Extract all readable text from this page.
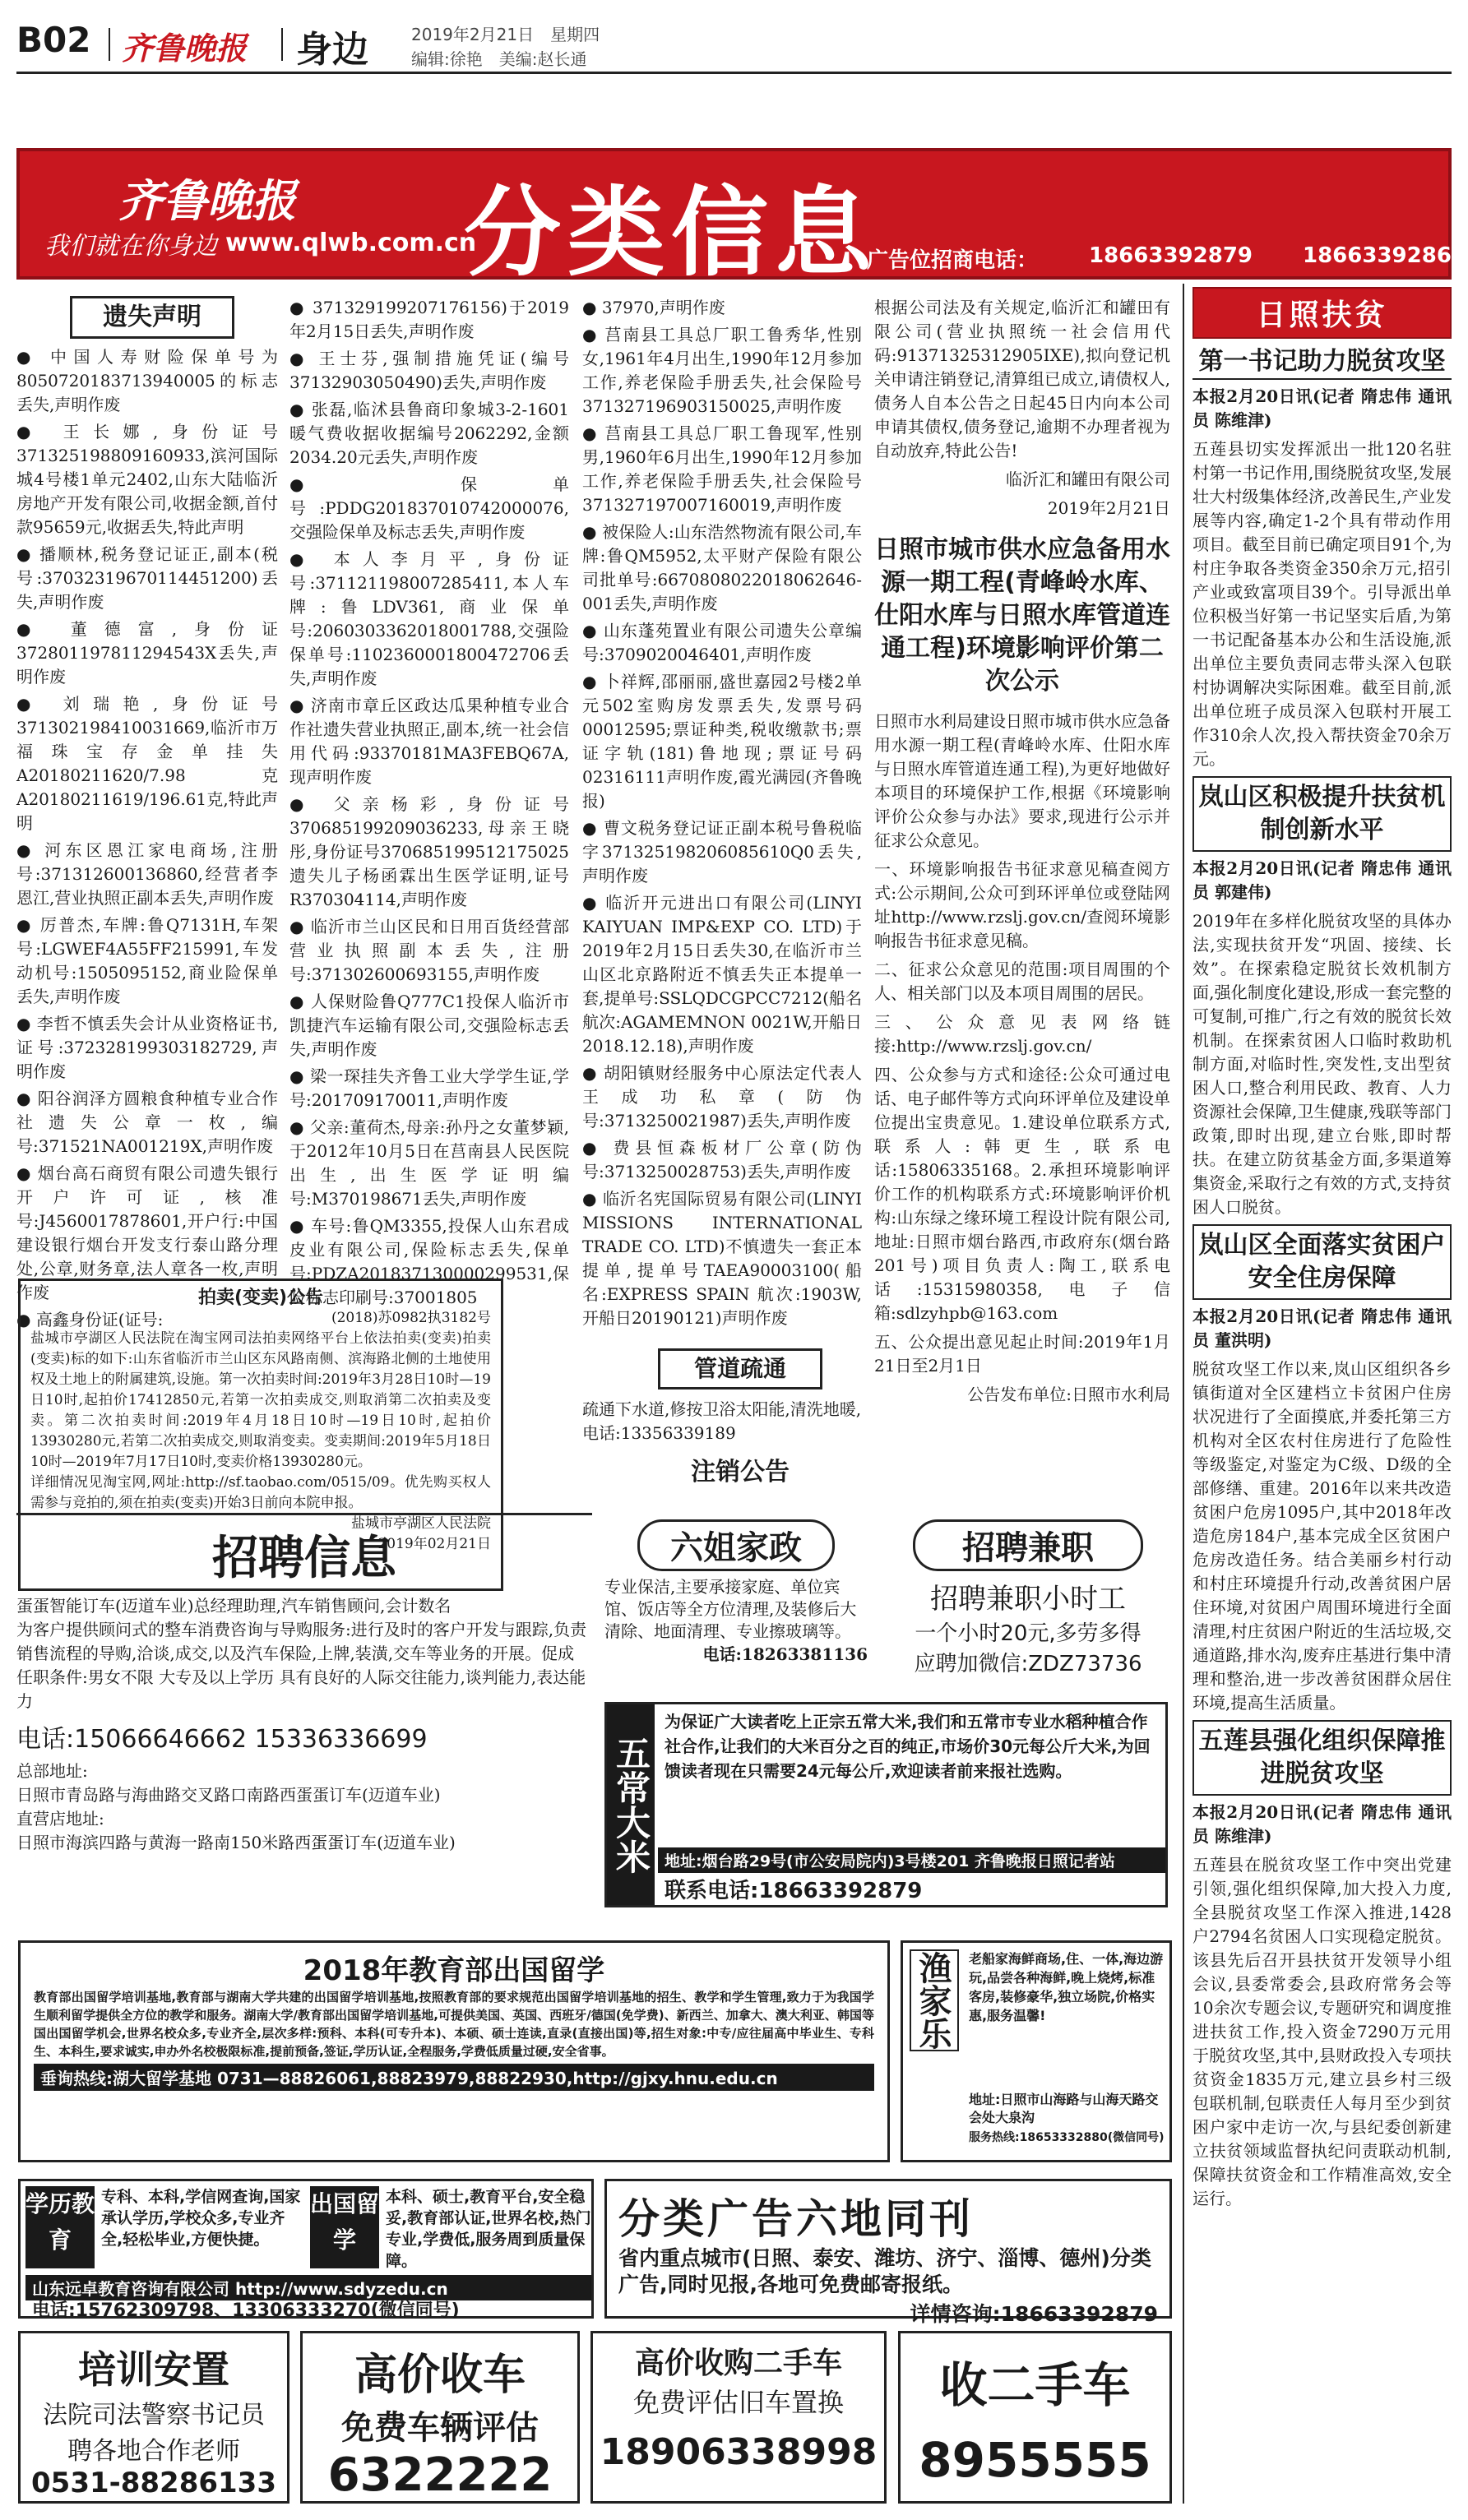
B02 齐鲁晚报 身边	2019年2月21日　星期四
编辑:徐艳　美编:赵长通
齐鲁晚报
我们就在你身边 www.qlwb.com.cn
分类信息
广告位招商电话： 18663392879 18663392869
遗失声明
● 中国人寿财险保单号为8050720183713940005的标志丢失,声明作废
● 王长娜,身份证号371325198809160933,滨河国际城4号楼1单元2402,山东大陆临沂房地产开发有限公司,收据金额,首付款95659元,收据丢失,特此声明
● 播顺林,税务登记证正,副本(税号:37032319670114451200)丢失,声明作废
● 董德富,身份证372801197811294543X丢失,声明作废
● 刘瑞艳,身份证号371302198410031669,临沂市万福珠宝存金单挂失A20180211620/7.98克 A20180211619/196.61克,特此声明
● 河东区恩江家电商场,注册号:371312600136860,经营者李恩江,营业执照正副本丢失,声明作废
● 厉普杰,车牌:鲁Q7131H,车架号:LGWEF4A55FF215991,车发动机号:1505095152,商业险保单丢失,声明作废
● 李哲不慎丢失会计从业资格证书,证号:372328199303182729,声明作废
● 阳谷润泽方圆粮食种植专业合作社遗失公章一枚,编号:371521NA001219X,声明作废
● 烟台高石商贸有限公司遗失银行开户许可证,核准号:J4560017878601,开户行:中国建设银行烟台开发支行泰山路分理处,公章,财务章,法人章各一枚,声明作废
● 高鑫身份证(证号:
● 371329199207176156)于2019年2月15日丢失,声明作废
● 王士芬,强制措施凭证(编号37132903050490)丢失,声明作废
● 张磊,临沭县鲁商印象城3-2-1601暖气费收据收据编号2062292,金额2034.20元丢失,声明作废
● 保单号:PDDG201837010742000076,交强险保单及标志丢失,声明作废
● 本人李月平,身份证号:371121198007285411,本人车牌:鲁LDV361,商业保单号:2060303362018001788,交强险保单号:1102360001800472706丢失,声明作废
● 济南市章丘区政达瓜果种植专业合作社遗失营业执照正,副本,统一社会信用代码:93370181MA3FEBQ67A,现声明作废
● 父亲杨彩,身份证号370685199209036233,母亲王晓彤,身份证号370685199512175025遗失儿子杨函霖出生医学证明,证号R370304114,声明作废
● 临沂市兰山区民和日用百货经营部营业执照副本丢失,注册号:371302600693155,声明作废
● 人保财险鲁Q777C1投保人临沂市凯捷汽车运输有限公司,交强险标志丢失,声明作废
● 梁一琛挂失齐鲁工业大学学生证,学号:201709170011,声明作废
● 父亲:董荷杰,母亲:孙丹之女董梦颖,于2012年10月5日在莒南县人民医院出生,出生医学证明编号:M370198671丢失,声明作废
● 车号:鲁QM3355,投保人山东君成皮业有限公司,保险标志丢失,保单号:PDZA201837130000299531,保险标志印刷号:37001805
● 37970,声明作废
● 莒南县工具总厂职工鲁秀华,性别女,1961年4月出生,1990年12月参加工作,养老保险手册丢失,社会保险号371327196903150025,声明作废
● 莒南县工具总厂职工鲁现军,性别男,1960年6月出生,1990年12月参加工作,养老保险手册丢失,社会保险号371327197007160019,声明作废
● 被保险人:山东浩然物流有限公司,车牌:鲁QM5952,太平财产保险有限公司批单号:6670808022018062646-001丢失,声明作废
● 山东蓬苑置业有限公司遗失公章编号:3709020046401,声明作废
● 卜祥辉,邵丽丽,盛世嘉园2号楼2单元502室购房发票丢失,发票号码00012595;票证种类,税收缴款书;票证字轨(181)鲁地现;票证号码02316111声明作废,霞光满园(齐鲁晚报)
● 曹文税务登记证正副本税号鲁税临字371325198206085610Q0丢失,声明作废
● 临沂开元进出口有限公司(LINYI KAIYUAN IMP&EXP CO. LTD)于2019年2月15日丢失30,在临沂市兰山区北京路附近不慎丢失正本提单一套,提单号:SSLQDCGPCC7212(船名航次:AGAMEMNON 0021W,开船日2018.12.18),声明作废
● 胡阳镇财经服务中心原法定代表人王成功私章(防伪号:3713250021987)丢失,声明作废
● 费县恒森板材厂公章(防伪号:3713250028753)丢失,声明作废
● 临沂名宪国际贸易有限公司(LINYI MISSIONS INTERNATIONAL TRADE CO. LTD)不慎遗失一套正本提单,提单号TAEA90003100(船名:EXPRESS SPAIN 航次:1903W,开船日20190121)声明作废
拍卖(变卖)公告
(2018)苏0982执3182号
盐城市亭湖区人民法院在淘宝网司法拍卖网络平台上依法拍卖(变卖)拍卖(变卖)标的如下:山东省临沂市兰山区东风路南侧、滨海路北侧的土地使用权及土地上的附属建筑,设施。第一次拍卖时间:2019年3月28日10时—19日10时,起拍价17412850元,若第一次拍卖成交,则取消第二次拍卖及变卖。第二次拍卖时间:2019年4月18日10时—19日10时,起拍价13930280元,若第二次拍卖成交,则取消变卖。变卖期间:2019年5月18日10时—2019年7月17日10时,变卖价格13930280元。
详细情况见淘宝网,网址:http://sf.taobao.com/0515/09。优先购买权人需参与竞拍的,须在拍卖(变卖)开始3日前向本院申报。
盐城市亭湖区人民法院
2019年02月21日

根据公司法及有关规定,临沂汇和罐田有限公司(营业执照统一社会信用代码:91371325312905IXE),拟向登记机关申请注销登记,清算组已成立,请债权人,债务人自本公告之日起45日内向本公司申请其债权,债务登记,逾期不办理者视为自动放弃,特此公告!

临沂汇和罐田有限公司

2019年2月21日

日照市城市供水应急备用水源一期工程(青峰岭水库、仕阳水库与日照水库管道连通工程)环境影响评价第二次公示

日照市水利局建设日照市城市供水应急备用水源一期工程(青峰岭水库、仕阳水库与日照水库管道连通工程),为更好地做好本项目的环境保护工作,根据《环境影响评价公众参与办法》要求,现进行公示并征求公众意见。

一、环境影响报告书征求意见稿查阅方式:公示期间,公众可到环评单位或登陆网址http://www.rzslj.gov.cn/查阅环境影响报告书征求意见稿。

二、征求公众意见的范围:项目周围的个人、相关部门以及本项目周围的居民。

三、公众意见表网络链接:http://www.rzslj.gov.cn/

四、公众参与方式和途径:公众可通过电话、电子邮件等方式向环评单位及建设单位提出宝贵意见。1.建设单位联系方式,联系人:韩更生,联系电话:15806335168。2.承担环境影响评价工作的机构联系方式:环境影响评价机构:山东绿之缘环境工程设计院有限公司,地址:日照市烟台路西,市政府东(烟台路201号)项目负责人:陶工,联系电话:15315980358,电子信箱:sdlzyhpb@163.com

五、公众提出意见起止时间:2019年1月21日至2月1日

公告发布单位:日照市水利局

管道疏通
疏通下水道,修按卫浴太阳能,清洗地暖,电话:13356339189
注销公告
日照扶贫
第一书记助力脱贫攻坚

本报2月20日讯(记者 隋忠伟 通讯员 陈维津)

五莲县切实发挥派出一批120名驻村第一书记作用,围绕脱贫攻坚,发展壮大村级集体经济,改善民生,产业发展等内容,确定1-2个具有带动作用项目。截至目前已确定项目91个,为村庄争取各类资金350余万元,招引产业或致富项目39个。引导派出单位积极当好第一书记坚实后盾,为第一书记配备基本办公和生活设施,派出单位主要负责同志带头深入包联村协调解决实际困难。截至目前,派出单位班子成员深入包联村开展工作310余人次,投入帮扶资金70余万元。

岚山区积极提升扶贫机制创新水平

本报2月20日讯(记者 隋忠伟 通讯员 郭建伟)

2019年在多样化脱贫攻坚的具体办法,实现扶贫开发“巩固、接续、长效”。在探索稳定脱贫长效机制方面,强化制度化建设,形成一套完整的可复制,可推广,行之有效的脱贫长效机制。在探索贫困人口临时救助机制方面,对临时性,突发性,支出型贫困人口,整合利用民政、教育、人力资源社会保障,卫生健康,残联等部门政策,即时出现,建立台账,即时帮扶。在建立防贫基金方面,多渠道筹集资金,采取行之有效的方式,支持贫困人口脱贫。

岚山区全面落实贫困户安全住房保障

本报2月20日讯(记者 隋忠伟 通讯员 董洪明)

脱贫攻坚工作以来,岚山区组织各乡镇街道对全区建档立卡贫困户住房状况进行了全面摸底,并委托第三方机构对全区农村住房进行了危险性等级鉴定,对鉴定为C级、D级的全部修缮、重建。2016年以来共改造贫困户危房1095户,其中2018年改造危房184户,基本完成全区贫困户危房改造任务。结合美丽乡村行动和村庄环境提升行动,改善贫困户居住环境,对贫困户周围环境进行全面清理,村庄贫困户附近的生活垃圾,交通道路,排水沟,废弃庄基进行集中清理和整治,进一步改善贫困群众居住环境,提高生活质量。

五莲县强化组织保障推进脱贫攻坚

本报2月20日讯(记者 隋忠伟 通讯员 陈维津)

五莲县在脱贫攻坚工作中突出党建引领,强化组织保障,加大投入力度,全县脱贫攻坚工作深入推进,1428户2794名贫困人口实现稳定脱贫。该县先后召开县扶贫开发领导小组会议,县委常委会,县政府常务会等10余次专题会议,专题研究和调度推进扶贫工作,投入资金7290万元用于脱贫攻坚,其中,县财政投入专项扶贫资金1835万元,建立县乡村三级包联机制,包联责任人每月至少到贫困户家中走访一次,与县纪委创新建立扶贫领域监督执纪问责联动机制,保障扶贫资金和工作精准高效,安全运行。

招聘信息
蛋蛋智能订车(迈道车业)总经理助理,汽车销售顾问,会计数名
为客户提供顾问式的整车消费咨询与导购服务:进行及时的客户开发与跟踪,负责销售流程的导购,洽谈,成交,以及汽车保险,上牌,装潢,交车等业务的开展。促成
任职条件:男女不限 大专及以上学历 具有良好的人际交往能力,谈判能力,表达能力
电话:15066646662 15336336699
总部地址:
日照市青岛路与海曲路交叉路口南路西蛋蛋订车(迈道车业)
直营店地址:
日照市海滨四路与黄海一路南150米路西蛋蛋订车(迈道车业)
六姐家政
专业保洁,主要承接家庭、单位宾馆、饭店等全方位清理,及装修后大清除、地面清理、专业擦玻璃等。
电话:18263381136
招聘兼职
招聘兼职小时工
一个小时20元,多劳多得
应聘加微信:ZDZ73736
五常大米
为保证广大读者吃上正宗五常大米,我们和五常市专业水稻种植合作社合作,让我们的大米百分之百的纯正,市场价30元每公斤大米,为回馈读者现在只需要24元每公斤,欢迎读者前来报社选购。
地址:烟台路29号(市公安局院内)3号楼201 齐鲁晚报日照记者站
联系电话:18663392879
2018年教育部出国留学
教育部出国留学培训基地,教育部与湖南大学共建的出国留学培训基地,按照教育部的要求规范出国留学培训基地的招生、教学和学生管理,致力于为我国学生顺利留学提供全方位的教学和服务。湖南大学/教育部出国留学培训基地,可提供美国、英国、西班牙/德国(免学费)、新西兰、加拿大、澳大利亚、韩国等国出国留学机会,世界名校众多,专业齐全,层次多样:预科、本科(可专升本)、本硕、硕士连读,直录(直接出国)等,招生对象:中专/应往届高中毕业生、专科生、本科生,要求诚实,申办外名校极限标准,提前预备,签证,学历认证,全程服务,学费低质量过硬,安全省事。
垂询热线:湖大留学基地 0731—88826061,88823979,88822930,http://gjxy.hnu.edu.cn
渔家乐	老船家海鲜商场,住、一体,海边游玩,品尝各种海鲜,晚上烧烤,标准客房,装修豪华,独立场院,价格实惠,服务温馨!
地址:日照市山海路与山海天路交会处大泉沟
服务热线:18653332880(微信同号)
学历教育
专科、本科,学信网查询,国家承认学历,学校众多,专业齐全,轻松毕业,方便快捷。
出国留学
本科、硕士,教育平台,安全稳妥,教育部认证,世界名校,热门专业,学费低,服务周到质量保障。
山东远卓教育咨询有限公司 http://www.sdyzedu.cn
电话:15762309798、13306333270(微信同号)
分类广告六地同刊
省内重点城市(日照、泰安、潍坊、济宁、淄博、德州)分类广告,同时见报,各地可免费邮寄报纸。
详情咨询:18663392879
培训安置
法院司法警察书记员
聘各地合作老师
0531-88286133
高价收车
免费车辆评估
6322222
高价收购二手车
免费评估旧车置换
18906338998
收二手车
8955555
